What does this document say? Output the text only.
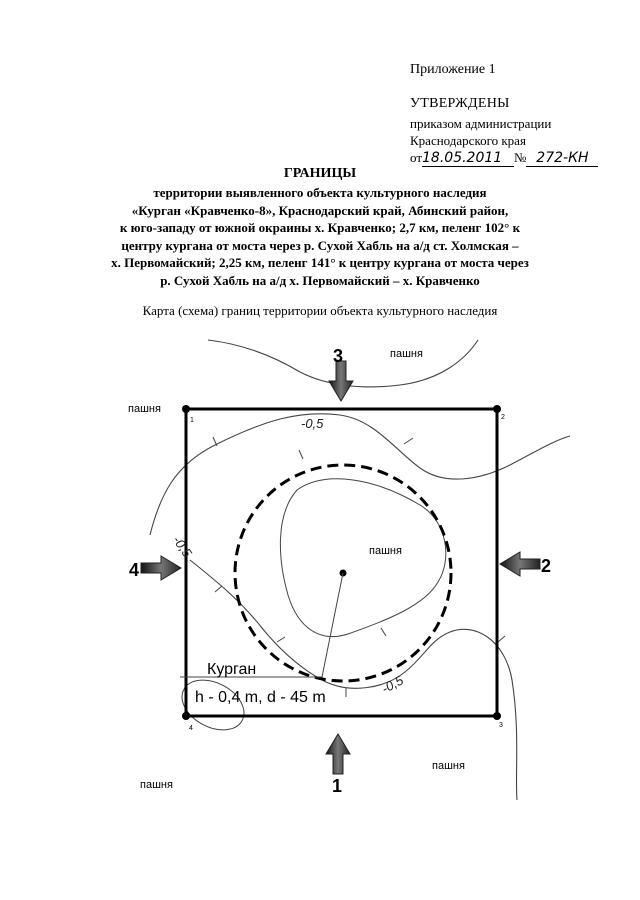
Приложение 1
УТВЕРЖДЕНЫ
приказом администрации
Краснодарского края
от18.05.2011 № 272-КН
ГРАНИЦЫ
территории выявленного объекта культурного наследия
«Курган «Кравченко-8», Краснодарский край, Абинский район,
к юго-западу от южной окраины х. Кравченко; 2,7 км, пеленг 102° к
центру кургана от моста через р. Сухой Хабль на а/д ст. Холмская –
х. Первомайский; 2,25 км, пеленг 141° к центру кургана от моста через
р. Сухой Хабль на а/д х. Первомайский – х. Кравченко
Карта (схема) границ территории объекта культурного наследия
3
1
2
4
1	2
3
4
пашня
пашня
пашня
пашня
пашня
-0,5
-0,5
-0,5
Курган
h - 0,4 m, d - 45 m
